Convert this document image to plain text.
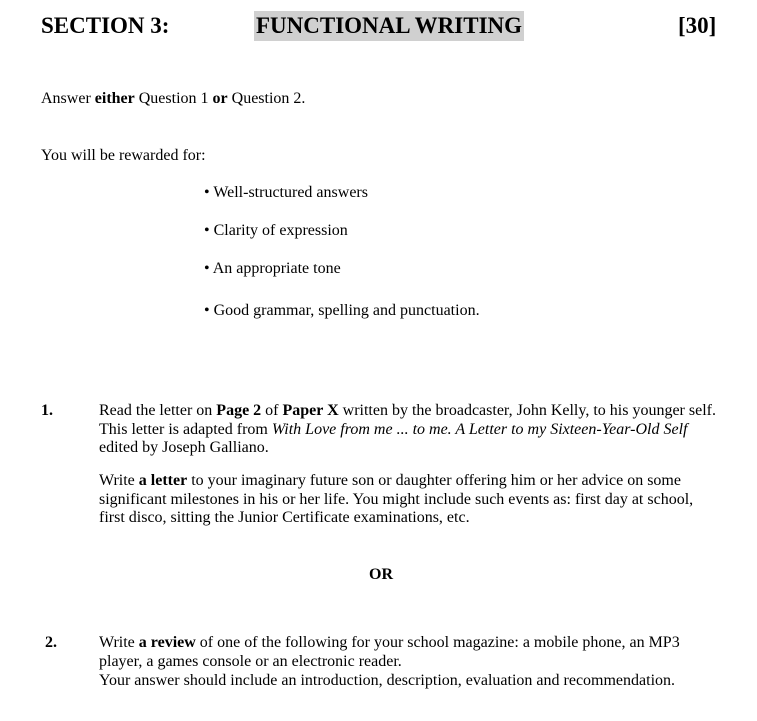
SECTION 3:	FUNCTIONAL WRITING	[30]
Answer either Question 1 or Question 2.
You will be rewarded for:
• Well-structured answers
• Clarity of expression
• An appropriate tone
• Good grammar, spelling and punctuation.
1.	Read the letter on Page 2 of Paper X written by the broadcaster, John Kelly, to his younger self. This letter is adapted from With Love from me ... to me. A Letter to my Sixteen-Year-Old Self edited by Joseph Galliano.
Write a letter to your imaginary future son or daughter offering him or her advice on some significant milestones in his or her life. You might include such events as: first day at school, first disco, sitting the Junior Certificate examinations, etc.
OR
2.	Write a review of one of the following for your school magazine: a mobile phone, an MP3 player, a games console or an electronic reader.
Your answer should include an introduction, description, evaluation and recommendation.
